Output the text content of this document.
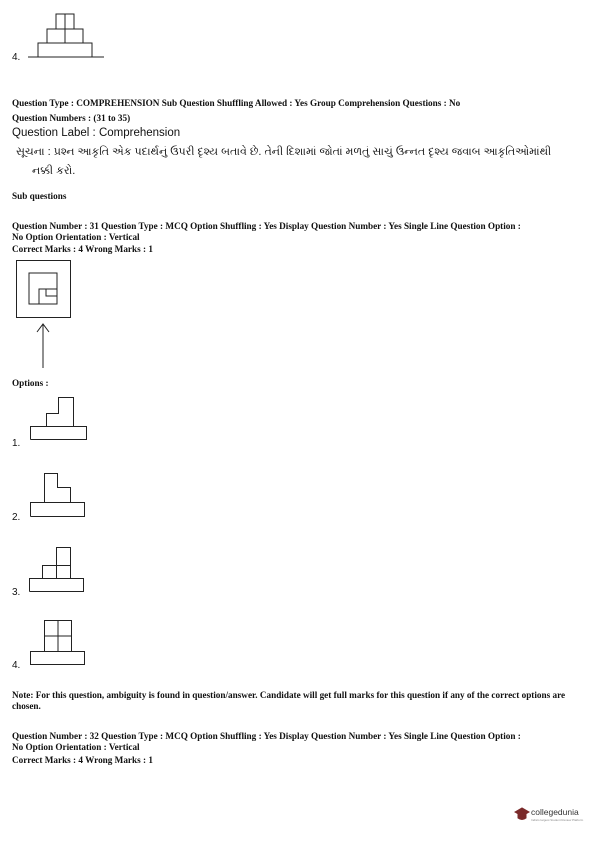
4.
Question Type : COMPREHENSION Sub Question Shuffling Allowed : Yes Group Comprehension Questions : No
Question Numbers : (31 to 35)
Question Label : Comprehension
સૂચના : પ્રશ્ન આકૃતિ એક પદાર્થનું ઉપરી દૃશ્ય બતાવે છે. તેની દિશામાં જોતાં મળતું સાચું ઉન્નત દૃશ્ય જવાબ આકૃતિઓમાંથી
નક્કી કરો.
Sub questions
Question Number : 31 Question Type : MCQ Option Shuffling : Yes Display Question Number : Yes Single Line Question Option :
No Option Orientation : Vertical
Correct Marks : 4 Wrong Marks : 1
Options :
1.
2.
3.
4.
Note: For this question, ambiguity is found in question/answer. Candidate will get full marks for this question if any of the correct options are chosen.
Question Number : 32 Question Type : MCQ Option Shuffling : Yes Display Question Number : Yes Single Line Question Option :
No Option Orientation : Vertical
Correct Marks : 4 Wrong Marks : 1
collegedunia
India's largest Student Review Platform
